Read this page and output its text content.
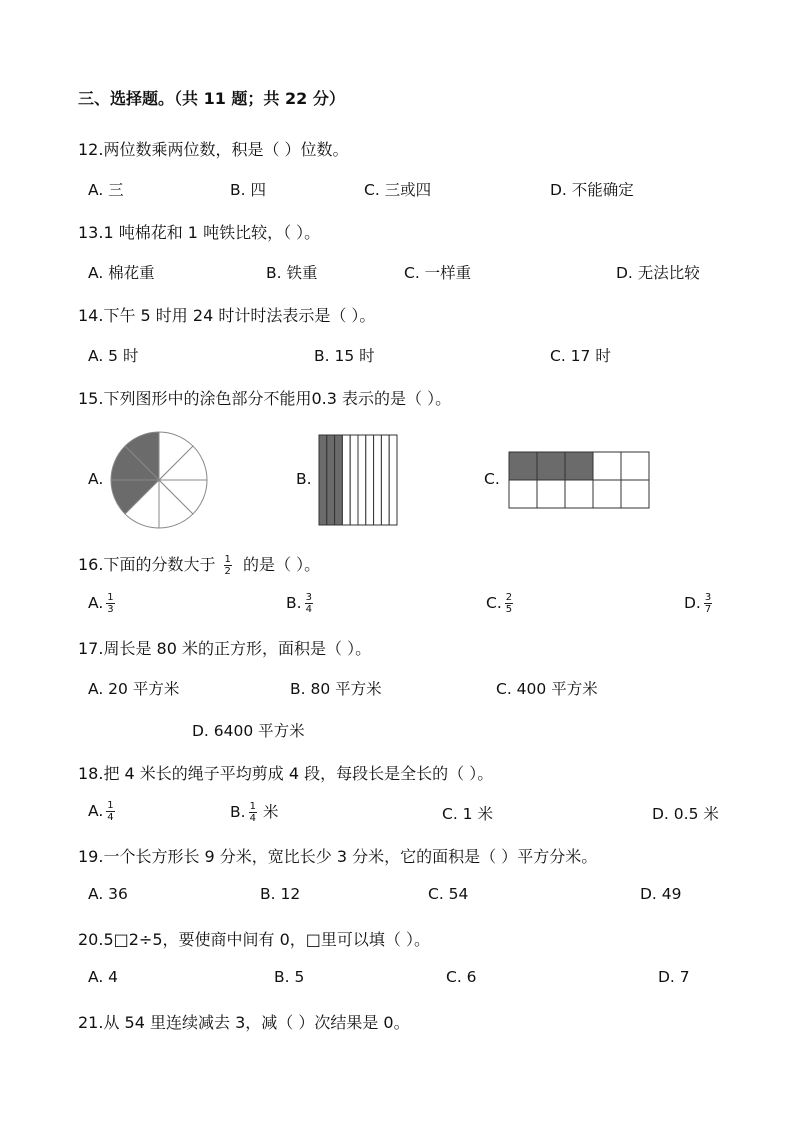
三、选择题。（共 11 题；共 22 分）
12.两位数乘两位数，积是（ ）位数。
A. 三	B. 四	C. 三或四	D. 不能确定
13.1 吨棉花和 1 吨铁比较，（ ）。
A. 棉花重	B. 铁重	C. 一样重	D. 无法比较
14.下午 5 时用 24 时计时法表示是（ ）。
A. 5 时	B. 15 时	C. 17 时
15.下列图形中的涂色部分不能用0.3 表示的是（ ）。
A.	B.	C.
16.下面的分数大于 $\frac{1}{2}$ 的是（ ）。
A. $\frac{1}{3}$	B. $\frac{3}{4}$	C. $\frac{2}{5}$	D. $\frac{3}{7}$
17.周长是 80 米的正方形，面积是（ ）。
A. 20 平方米	B. 80 平方米	C. 400 平方米
D. 6400 平方米
18.把 4 米长的绳子平均剪成 4 段，每段长是全长的（ ）。
A. $\frac{1}{4}$	B. $\frac{1}{4}$ 米	C. 1 米	D. 0.5 米
19.一个长方形长 9 分米，宽比长少 3 分米，它的面积是（ ）平方分米。
A. 36	B. 12	C. 54	D. 49
20.5□2÷5，要使商中间有 0，□里可以填（ ）。
A. 4	B. 5	C. 6	D. 7
21.从 54 里连续减去 3，减（ ）次结果是 0。
